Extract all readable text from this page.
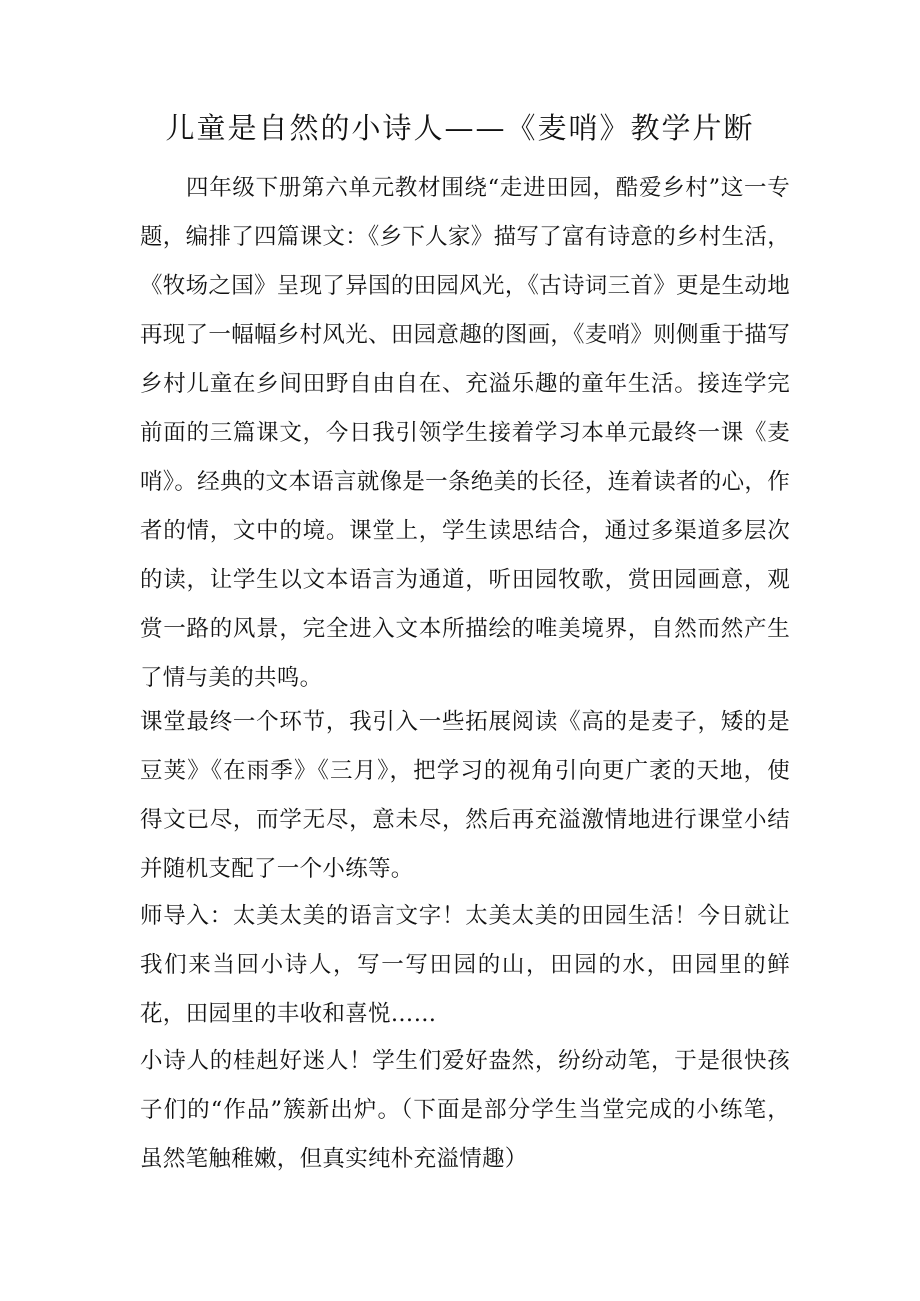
儿童是自然的小诗人——《麦哨》教学片断

四年级下册第六单元教材围绕“走进田园，酷爱乡村”这一专题，编排了四篇课文：《乡下人家》描写了富有诗意的乡村生活，《牧场之国》呈现了异国的田园风光，《古诗词三首》更是生动地再现了一幅幅乡村风光、田园意趣的图画，《麦哨》则侧重于描写乡村儿童在乡间田野自由自在、充溢乐趣的童年生活。接连学完前面的三篇课文，今日我引领学生接着学习本单元最终一课《麦哨》。经典的文本语言就像是一条绝美的长径，连着读者的心，作者的情，文中的境。课堂上，学生读思结合，通过多渠道多层次的读，让学生以文本语言为通道，听田园牧歌，赏田园画意，观赏一路的风景，完全进入文本所描绘的唯美境界，自然而然产生了情与美的共鸣。

课堂最终一个环节，我引入一些拓展阅读《高的是麦子，矮的是豆荚》《在雨季》《三月》，把学习的视角引向更广袤的天地，使得文已尽，而学无尽，意未尽，然后再充溢激情地进行课堂小结并随机支配了一个小练等。

师导入：太美太美的语言文字！太美太美的田园生活！今日就让我们来当回小诗人，写一写田园的山，田园的水，田园里的鲜花，田园里的丰收和喜悦……

小诗人的桂赳好迷人！学生们爱好盎然，纷纷动笔，于是很快孩子们的“作品”簇新出炉。（下面是部分学生当堂完成的小练笔，虽然笔触稚嫩，但真实纯朴充溢情趣）
